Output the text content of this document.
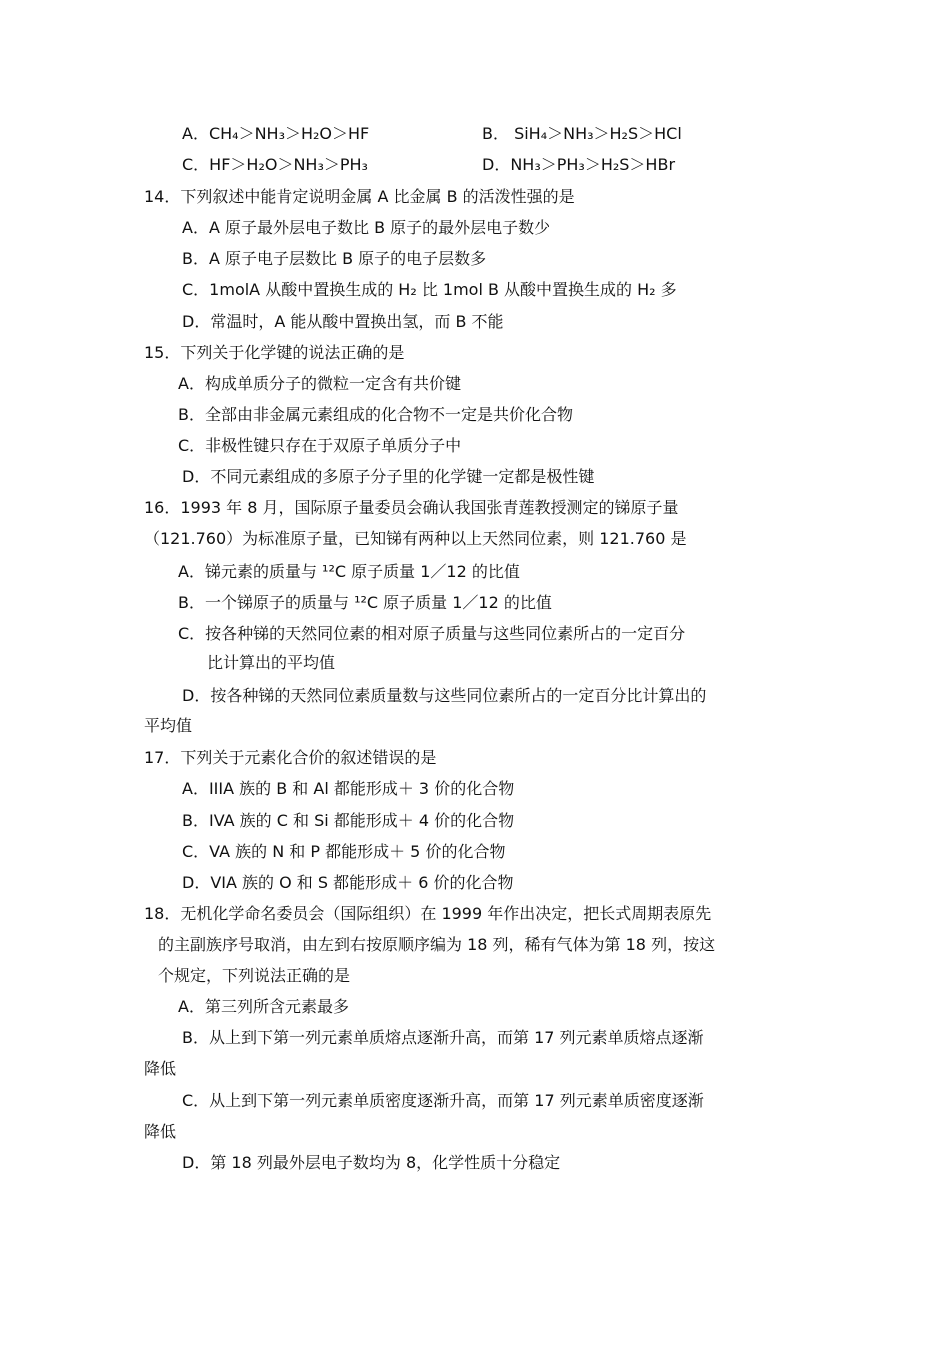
A．CH₄＞NH₃＞H₂O＞HF	B． SiH₄＞NH₃＞H₂S＞HCl
C．HF＞H₂O＞NH₃＞PH₃	D．NH₃＞PH₃＞H₂S＞HBr
14．下列叙述中能肯定说明金属 A 比金属 B 的活泼性强的是
A．A 原子最外层电子数比 B 原子的最外层电子数少
B．A 原子电子层数比 B 原子的电子层数多
C．1molA 从酸中置换生成的 H₂ 比 1mol B 从酸中置换生成的 H₂ 多
D．常温时，A 能从酸中置换出氢，而 B 不能
15．下列关于化学键的说法正确的是
A．构成单质分子的微粒一定含有共价键
B．全部由非金属元素组成的化合物不一定是共价化合物
C．非极性键只存在于双原子单质分子中
D．不同元素组成的多原子分子里的化学键一定都是极性键
16．1993 年 8 月，国际原子量委员会确认我国张青莲教授测定的锑原子量
（121.760）为标准原子量，已知锑有两种以上天然同位素，则 121.760 是
A．锑元素的质量与 ¹²C 原子质量 1／12 的比值
B．一个锑原子的质量与 ¹²C 原子质量 1／12 的比值
C．按各种锑的天然同位素的相对原子质量与这些同位素所占的一定百分
比计算出的平均值
D．按各种锑的天然同位素质量数与这些同位素所占的一定百分比计算出的
平均值
17．下列关于元素化合价的叙述错误的是
A．IIIA 族的 B 和 Al 都能形成＋ 3 价的化合物
B．IVA 族的 C 和 Si 都能形成＋ 4 价的化合物
C．VA 族的 N 和 P 都能形成＋ 5 价的化合物
D．VIA 族的 O 和 S 都能形成＋ 6 价的化合物
18．无机化学命名委员会（国际组织）在 1999 年作出决定，把长式周期表原先
的主副族序号取消，由左到右按原顺序编为 18 列，稀有气体为第 18 列，按这
个规定，下列说法正确的是
A．第三列所含元素最多
B．从上到下第一列元素单质熔点逐渐升高，而第 17 列元素单质熔点逐渐
降低
C．从上到下第一列元素单质密度逐渐升高，而第 17 列元素单质密度逐渐
降低
D．第 18 列最外层电子数均为 8，化学性质十分稳定
